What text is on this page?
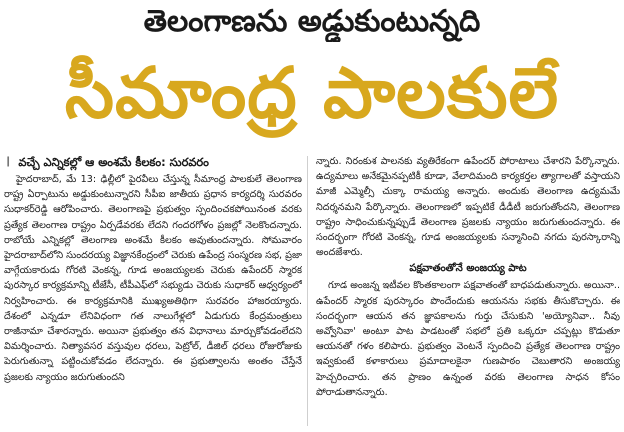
తెలంగాణను అడ్డుకుంటున్నది
సీమాంధ్ర పాలకులే
❙ వచ్చే ఎన్నికల్లో ఆ అంశమే కీలకం: సురవరం

హైదరాబాద్, మే 13: ఢిల్లీలో పైరవీలు చేస్తున్న సీమాంధ్ర పాలకులే తెలంగాణ రాష్ట్ర ఏర్పాటును అడ్డుకుంటున్నారని సీపీఐ జాతీయ ప్రధాన కార్యదర్శి సురవరం సుధాకర్‌రెడ్డి ఆరోపించారు. తెలంగాణపై ప్రభుత్వం స్పందించకపోయినంత వరకు ప్రత్యేక తెలంగాణ రాష్ట్రం ఏర్పడేవరకు లేదని గందరగోళం ప్రజల్లో నెలకొందన్నారు. రాబోయే ఎన్నికల్లో తెలంగాణ అంశమే కీలకం అవుతుందన్నారు. సోమవారం హైదరాబాద్‌లోని సుందరయ్య విజ్ఞానకేంద్రంలో చెరుకు ఉపేంద్ర సంస్మరణ సభ, ప్రజా వాగ్గేయకారుడు గోరటి వెంకన్న, గూడ అంజయ్యలకు చెరుకు ఉపేందర్ స్మారక పురస్కార కార్యక్రమాన్ని టీజేసీ, టీపీఎఫ్‌లో సభ్యుడు చెరుకు సుధాకర్ ఆధ్వర్యంలో నిర్వహించారు. ఈ కార్యక్రమానికి ముఖ్యఅతిథిగా సురవరం హాజరయ్యారు. దేశంలో ఎన్నడూ లేనివిధంగా గత నాలుగేళ్లలో ఏడుగురు కేంద్రమంత్రులు రాజీనామా చేశారన్నారు. అయినా ప్రభుత్వం తన విధానాలు మార్చుకోవడంలేదని విమర్శించారు. నిత్యావసర వస్తువుల ధరలు, పెట్రోల్, డీజిల్ ధరలు రోజురోజుకు పెరుగుతున్నా పట్టించుకోవడం లేదన్నారు. ఈ ప్రభుత్వాలను అంతం చేస్తేనే ప్రజలకు న్యాయం జరుగుతుందని

న్నారు. నిరంకుశ పాలనకు వ్యతిరేకంగా ఉపేందర్ పోరాటాలు చేశారని పేర్కొన్నారు. ఉద్యమాలు అనేకమైనప్పటికీ కూడా, వేలాదిమంది కార్యకర్తల త్యాగాలతో వస్తాయని మాజీ ఎమ్మెల్సీ చుక్కా రామయ్య అన్నారు. అందుకు తెలంగాణ ఉద్యమమే నిదర్శనమని పేర్కొన్నారు. తెలంగాణలో ఇప్పటికే డీడీటీ జరుగుతోందని, తెలంగాణ రాష్ట్రం సాధించుకున్నప్పుడే తెలంగాణ ప్రజలకు న్యాయం జరుగుతుందన్నారు. ఈ సందర్భంగా గోరటి వెంకన్న, గూడ అంజయ్యలకు సన్మానించి నగదు పురస్కారాన్ని అందజేశారు.

పక్షవాతంతోనే అంజయ్య పాట

గూడ అంజన్న ఇటీవల కొంతకాలంగా పక్షవాతంతో బాధపడుతున్నారు. అయినా.. ఉపేందర్ స్మారక పురస్కారం పొందేందుకు ఆయనను సభకు తీసుకొచ్చారు. ఈ సందర్భంగా ఆయన తన జ్ఞాపకాలను గుర్తు చేసుకుని 'అయ్యోనివా.. నీవు అవ్వోనివా' అంటూ పాట పాడటంతో సభలో ప్రతి ఒక్కరూ చప్పట్లు కొడుతూ ఆయనతో గళం కలిపారు. ప్రభుత్వం వెంటనే స్పందించి ప్రత్యేక తెలంగాణ రాష్ట్రం ఇవ్వకుంటే కళాకారులు ప్రమాదాలకైనా గుణపాఠం చెబుతారని అంజయ్య హెచ్చరించారు. తన ప్రాణం ఉన్నంత వరకు తెలంగాణ సాధన కోసం పోరాడుతానన్నారు.
